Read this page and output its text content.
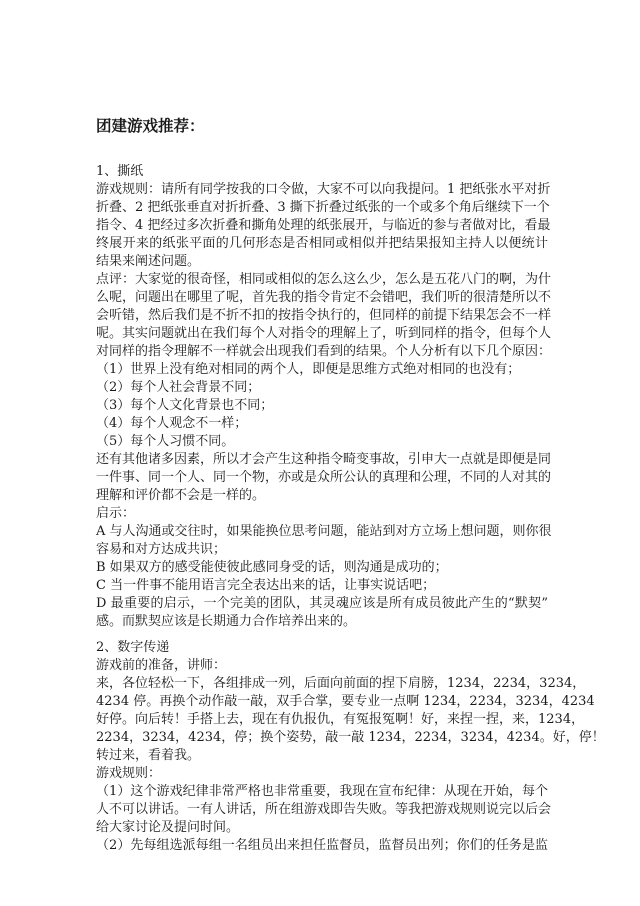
团建游戏推荐：
1、撕纸
游戏规则：请所有同学按我的口令做，大家不可以向我提问。1 把纸张水平对折
折叠、2 把纸张垂直对折折叠、3 撕下折叠过纸张的一个或多个角后继续下一个
指令、4 把经过多次折叠和撕角处理的纸张展开，与临近的参与者做对比，看最
终展开来的纸张平面的几何形态是否相同或相似并把结果报知主持人以便统计
结果来阐述问题。
点评：大家觉的很奇怪，相同或相似的怎么这么少，怎么是五花八门的啊，为什
么呢，问题出在哪里了呢，首先我的指令肯定不会错吧，我们听的很清楚所以不
会听错，然后我们是不折不扣的按指令执行的，但同样的前提下结果怎会不一样
呢。其实问题就出在我们每个人对指令的理解上了，听到同样的指令，但每个人
对同样的指令理解不一样就会出现我们看到的结果。个人分析有以下几个原因：
（1）世界上没有绝对相同的两个人，即便是思维方式绝对相同的也没有；
（2）每个人社会背景不同；
（3）每个人文化背景也不同；
（4）每个人观念不一样；
（5）每个人习惯不同。
还有其他诸多因素，所以才会产生这种指令畸变事故，引申大一点就是即便是同
一件事、同一个人、同一个物，亦或是众所公认的真理和公理，不同的人对其的
理解和评价都不会是一样的。
启示：
A 与人沟通或交往时，如果能换位思考问题，能站到对方立场上想问题，则你很
容易和对方达成共识；
B 如果双方的感受能使彼此感同身受的话，则沟通是成功的；
C 当一件事不能用语言完全表达出来的话，让事实说话吧；
D 最重要的启示，一个完美的团队，其灵魂应该是所有成员彼此产生的“默契”
感。而默契应该是长期通力合作培养出来的。
2、数字传递
游戏前的准备，讲师：
来，各位轻松一下，各组排成一列，后面向前面的捏下肩膀，1234，2234，3234，
4234 停。再换个动作敲一敲，双手合掌，要专业一点啊 1234，2234，3234，4234
好停。向后转！手搭上去，现在有仇报仇，有冤报冤啊！好，来捏一捏，来，1234，
2234，3234，4234，停；换个姿势，敲一敲 1234，2234，3234，4234。好，停！
转过来，看着我。
游戏规则：
（1）这个游戏纪律非常严格也非常重要，我现在宣布纪律：从现在开始，每个
人不可以讲话。一有人讲话，所在组游戏即告失败。等我把游戏规则说完以后会
给大家讨论及提问时间。
（2）先每组选派每组一名组员出来担任监督员，监督员出列；你们的任务是监
